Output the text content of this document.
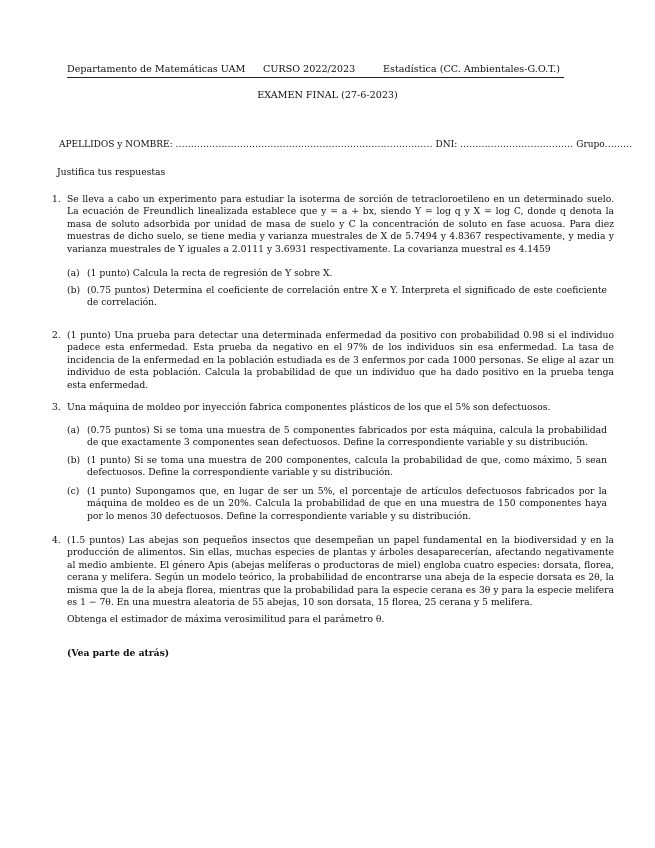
Departamento de Matemáticas UAM CURSO 2022/2023	Estadística (CC. Ambientales-G.O.T.)
EXAMEN FINAL (27-6-2023)
APELLIDOS y NOMBRE: .................................................................................... DNI: ..................................... Grupo.........
Justifica tus respuestas
1. Se lleva a cabo un experimento para estudiar la isoterma de sorción de tetracloroetileno en un determinado suelo. La ecuación de Freundlich linealizada establece que y = a + bx, siendo Y = log q y X = log C, donde q denota la masa de soluto adsorbida por unidad de masa de suelo y C la concentración de soluto en fase acuosa. Para diez muestras de dicho suelo, se tiene media y varianza muestrales de X de 5.7494 y 4.8367 respectivamente, y media y varianza muestrales de Y iguales a 2.0111 y 3.6931 respectivamente. La covarianza muestral es 4.1459
(a) (1 punto) Calcula la recta de regresión de Y sobre X.
(b) (0.75 puntos) Determina el coeficiente de correlación entre X e Y. Interpreta el significado de este coeficiente de correlación.
2. (1 punto) Una prueba para detectar una determinada enfermedad da positivo con probabilidad 0.98 si el individuo padece esta enfermedad. Esta prueba da negativo en el 97% de los individuos sin esa enfermedad. La tasa de incidencia de la enfermedad en la población estudiada es de 3 enfermos por cada 1000 personas. Se elige al azar un individuo de esta población. Calcula la probabilidad de que un individuo que ha dado positivo en la prueba tenga esta enfermedad.
3. Una máquina de moldeo por inyección fabrica componentes plásticos de los que el 5% son defectuosos.
(a) (0.75 puntos) Si se toma una muestra de 5 componentes fabricados por esta máquina, calcula la probabilidad de que exactamente 3 componentes sean defectuosos. Define la correspondiente variable y su distribución.
(b) (1 punto) Si se toma una muestra de 200 componentes, calcula la probabilidad de que, como máximo, 5 sean defectuosos. Define la correspondiente variable y su distribución.
(c) (1 punto) Supongamos que, en lugar de ser un 5%, el porcentaje de artículos defectuosos fabricados por la máquina de moldeo es de un 20%. Calcula la probabilidad de que en una muestra de 150 componentes haya por lo menos 30 defectuosos. Define la correspondiente variable y su distribución.
4. (1.5 puntos) Las abejas son pequeños insectos que desempeñan un papel fundamental en la biodiversidad y en la producción de alimentos. Sin ellas, muchas especies de plantas y árboles desaparecerían, afectando negativamente al medio ambiente. El género Apis (abejas melíferas o productoras de miel) engloba cuatro especies: dorsata, florea, cerana y melifera. Según un modelo teórico, la probabilidad de encontrarse una abeja de la especie dorsata es 2θ, la misma que la de la abeja florea, mientras que la probabilidad para la especie cerana es 3θ y para la especie melifera es 1 − 7θ. En una muestra aleatoria de 55 abejas, 10 son dorsata, 15 florea, 25 cerana y 5 melifera.
Obtenga el estimador de máxima verosimilitud para el parámetro θ.
(Vea parte de atrás)
